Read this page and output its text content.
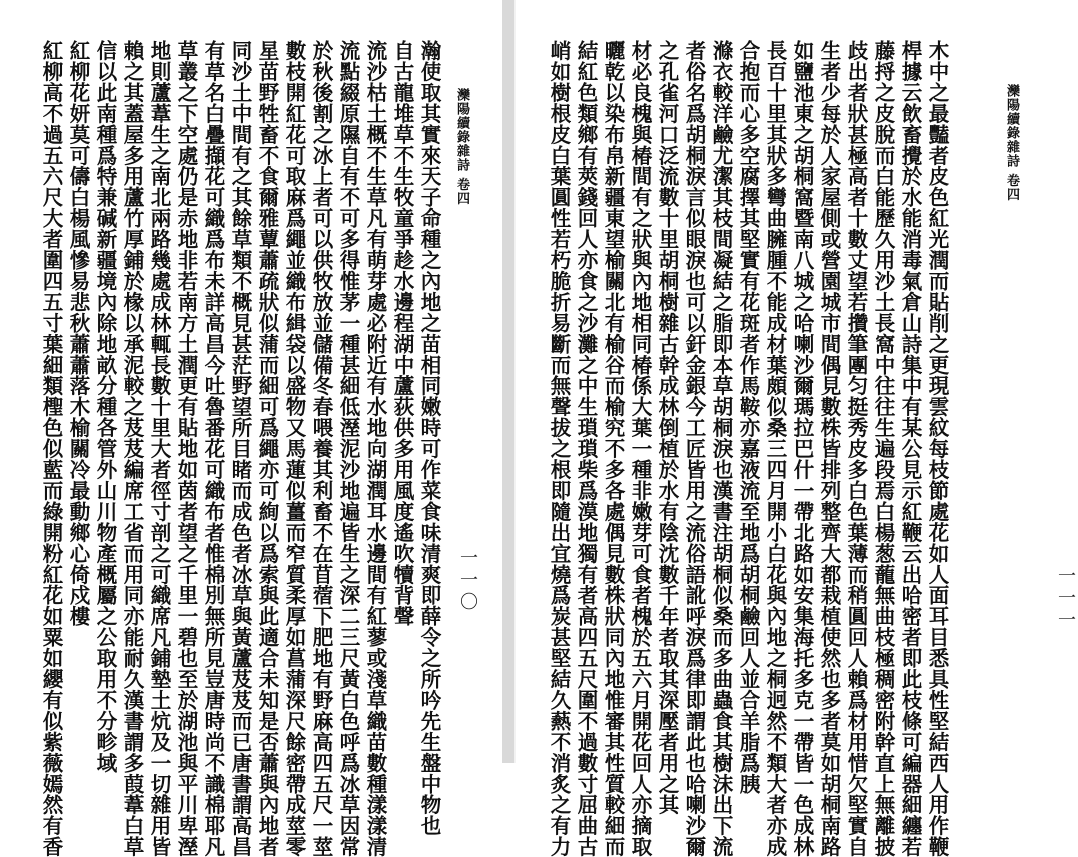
灤陽續錄雜詩 卷四
瀚使取其實來天子命種之內地之苗相同嫩時可作菜食味清爽即薛令之所吟先生盤中物也
自古龍堆草不生牧童爭趁水邊程湖中蘆荻供多用風度遙吹犢背聲
流沙枯土概不生草凡有萌芽處必附近有水地向湖潤耳水邊間有紅蓼或淺草織苗數種漾漾清
流點綴原隰自有不可多得惟茅一種甚細低溼泥沙地遍皆生之深二三尺黃白色呼爲冰草因常
於秋後割之冰上者可以供牧放並儲備冬春喂養其利畜不在苜蓿下肥地有野麻高四五尺一莖
數枝開紅花可取麻爲繩並織布緝袋以盛物又馬蓮似薑而窄質柔厚如菖蒲深尺餘密帶成莖零
星苗野牲畜不食爾雅蕈蕭疏狀似蒲而細可爲繩亦可絢以爲索與此適合未知是否蕭與內地者
同沙土中間有之其餘草類不概見甚茫野望所目睹而成色者冰草與黃蘆芨芨而已唐書謂高昌
有草名白疊擷花可織爲布未詳高昌今吐魯番花可織布者惟棉別無所見豈唐時尚不識棉耶凡
草叢之下空處仍是赤地非若南方土潤更有貼地如茵者望之千里一碧也至於湖池與平川卑溼
地則蘆葦生之南北兩路幾處成林輒長數十里大者徑寸剖之可織席凡鋪墊土炕及一切雜用皆
賴之其蓋屋多用蘆竹厚鋪於椽以承泥較之芨芨編席工省而用同亦能耐久漢書謂多葭葦白草
信以此南種爲特兼碱新疆境內除地畝分種各管外山川物產概屬之公取用不分畛域
紅柳花妍莫可儔白楊風慘易悲秋蕭蕭落木榆關冷最動鄉心倚戍樓
紅柳高不過五六尺大者圍四五寸葉細類檉色似藍而綠開粉紅花如粟如纓有似紫薇嫣然有香	一一〇
灤陽續錄雜詩 卷四
木中之最豔者皮色紅光潤而貼削之更現雲紋每枝節處花如人面耳目悉具性堅結西人用作鞭
桿據云飲畜攪於水能消毒氣倉山詩集中有某公見示紅鞭云出哈密者即此枝條可編器細纏若
藤捋之皮脫而白能歷久用沙土長窩中往往生遍段焉白楊葱蘢無曲枝極稠密附幹直上無離披
歧出者狀甚極高者十數丈望若攢筆團匀挺秀皮多白色葉薄而稍圓回人賴爲材用惜欠堅實自
生者少每於人家屋側或營園城市間偶見數株皆排列整齊大都栽植使然也多者莫如胡桐南路
如鹽池東之胡桐窩暨南八城之哈喇沙爾瑪拉巴什一帶北路如安集海托多克一帶皆一色成林
長百十里其狀多彎曲臃腫不能成材葉頗似桑三四月開小白花與內地之桐迥然不類大者亦成
合抱而心多空腐擇其堅實有花斑者作馬鞍亦嘉液流至地爲胡桐鹼回人並合羊脂爲胰
滌衣較洋鹼尤潔其枝間凝結之脂即本草胡桐淚也漢書注胡桐似桑而多曲蟲食其樹沫出下流
者俗名爲胡桐淚言似眼淚也可以釬金銀今工匠皆用之流俗語訛呼淚爲律即謂此也哈喇沙爾
之孔雀河口泛流數十里胡桐樹雜古幹成林倒植於水有陰沈數千年者取其深壓者用之其
材必良槐與椿間有之狀與內地相同椿係大葉一種非嫩芽可食者槐於五六月開花回人亦摘取
曬乾以染布帛新疆東望榆關北有榆谷而榆究不多各處偶見數株狀同內地惟審其性質較細而
結紅色類鄉有莢錢回人亦食之沙灘之中生瑣瑣柴爲漠地獨有者高四五尺圍不過數寸屈曲古
峭如樹根皮白葉圓性若朽脆折易斷而無聲拔之根即隨出宜燒爲炭甚堅結久爇不消炙之有力	一一一
